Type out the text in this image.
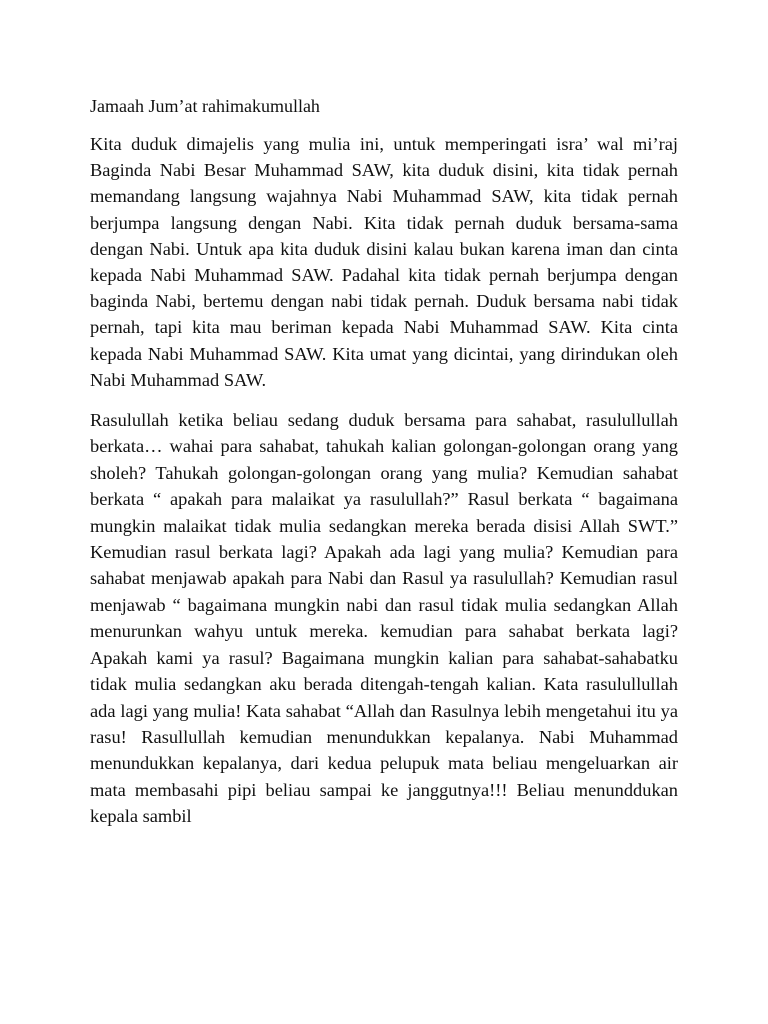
Jamaah Jum’at rahimakumullah

Kita duduk dimajelis yang mulia ini, untuk memperingati isra’ wal mi’raj Baginda Nabi Besar Muhammad SAW, kita duduk disini, kita tidak pernah memandang langsung wajahnya Nabi Muhammad SAW, kita tidak pernah berjumpa langsung dengan Nabi. Kita tidak pernah duduk bersama-sama dengan Nabi. Untuk apa kita duduk disini kalau bukan karena iman dan cinta kepada Nabi Muhammad SAW. Padahal kita tidak pernah berjumpa dengan baginda Nabi, bertemu dengan nabi tidak pernah. Duduk bersama nabi tidak pernah, tapi kita mau beriman kepada Nabi Muhammad SAW. Kita cinta kepada Nabi Muhammad SAW. Kita umat yang dicintai, yang dirindukan oleh Nabi Muhammad SAW.

Rasulullah ketika beliau sedang duduk bersama para sahabat, rasulullullah berkata… wahai para sahabat, tahukah kalian golongan-golongan orang yang sholeh? Tahukah golongan-golongan orang yang mulia? Kemudian sahabat berkata “ apakah para malaikat ya rasulullah?” Rasul berkata “ bagaimana mungkin malaikat tidak mulia sedangkan mereka berada disisi Allah SWT.” Kemudian rasul berkata lagi? Apakah ada lagi yang mulia? Kemudian para sahabat menjawab apakah para Nabi dan Rasul ya rasulullah? Kemudian rasul menjawab “ bagaimana mungkin nabi dan rasul tidak mulia sedangkan Allah menurunkan wahyu untuk mereka. kemudian para sahabat berkata lagi? Apakah kami ya rasul? Bagaimana mungkin kalian para sahabat-sahabatku tidak mulia sedangkan aku berada ditengah-tengah kalian. Kata rasulullullah ada lagi yang mulia! Kata sahabat “Allah dan Rasulnya lebih mengetahui itu ya rasu! Rasullullah kemudian menundukkan kepalanya. Nabi Muhammad menundukkan kepalanya, dari kedua pelupuk mata beliau mengeluarkan air mata membasahi pipi beliau sampai ke janggutnya!!! Beliau menunddukan kepala sambil
